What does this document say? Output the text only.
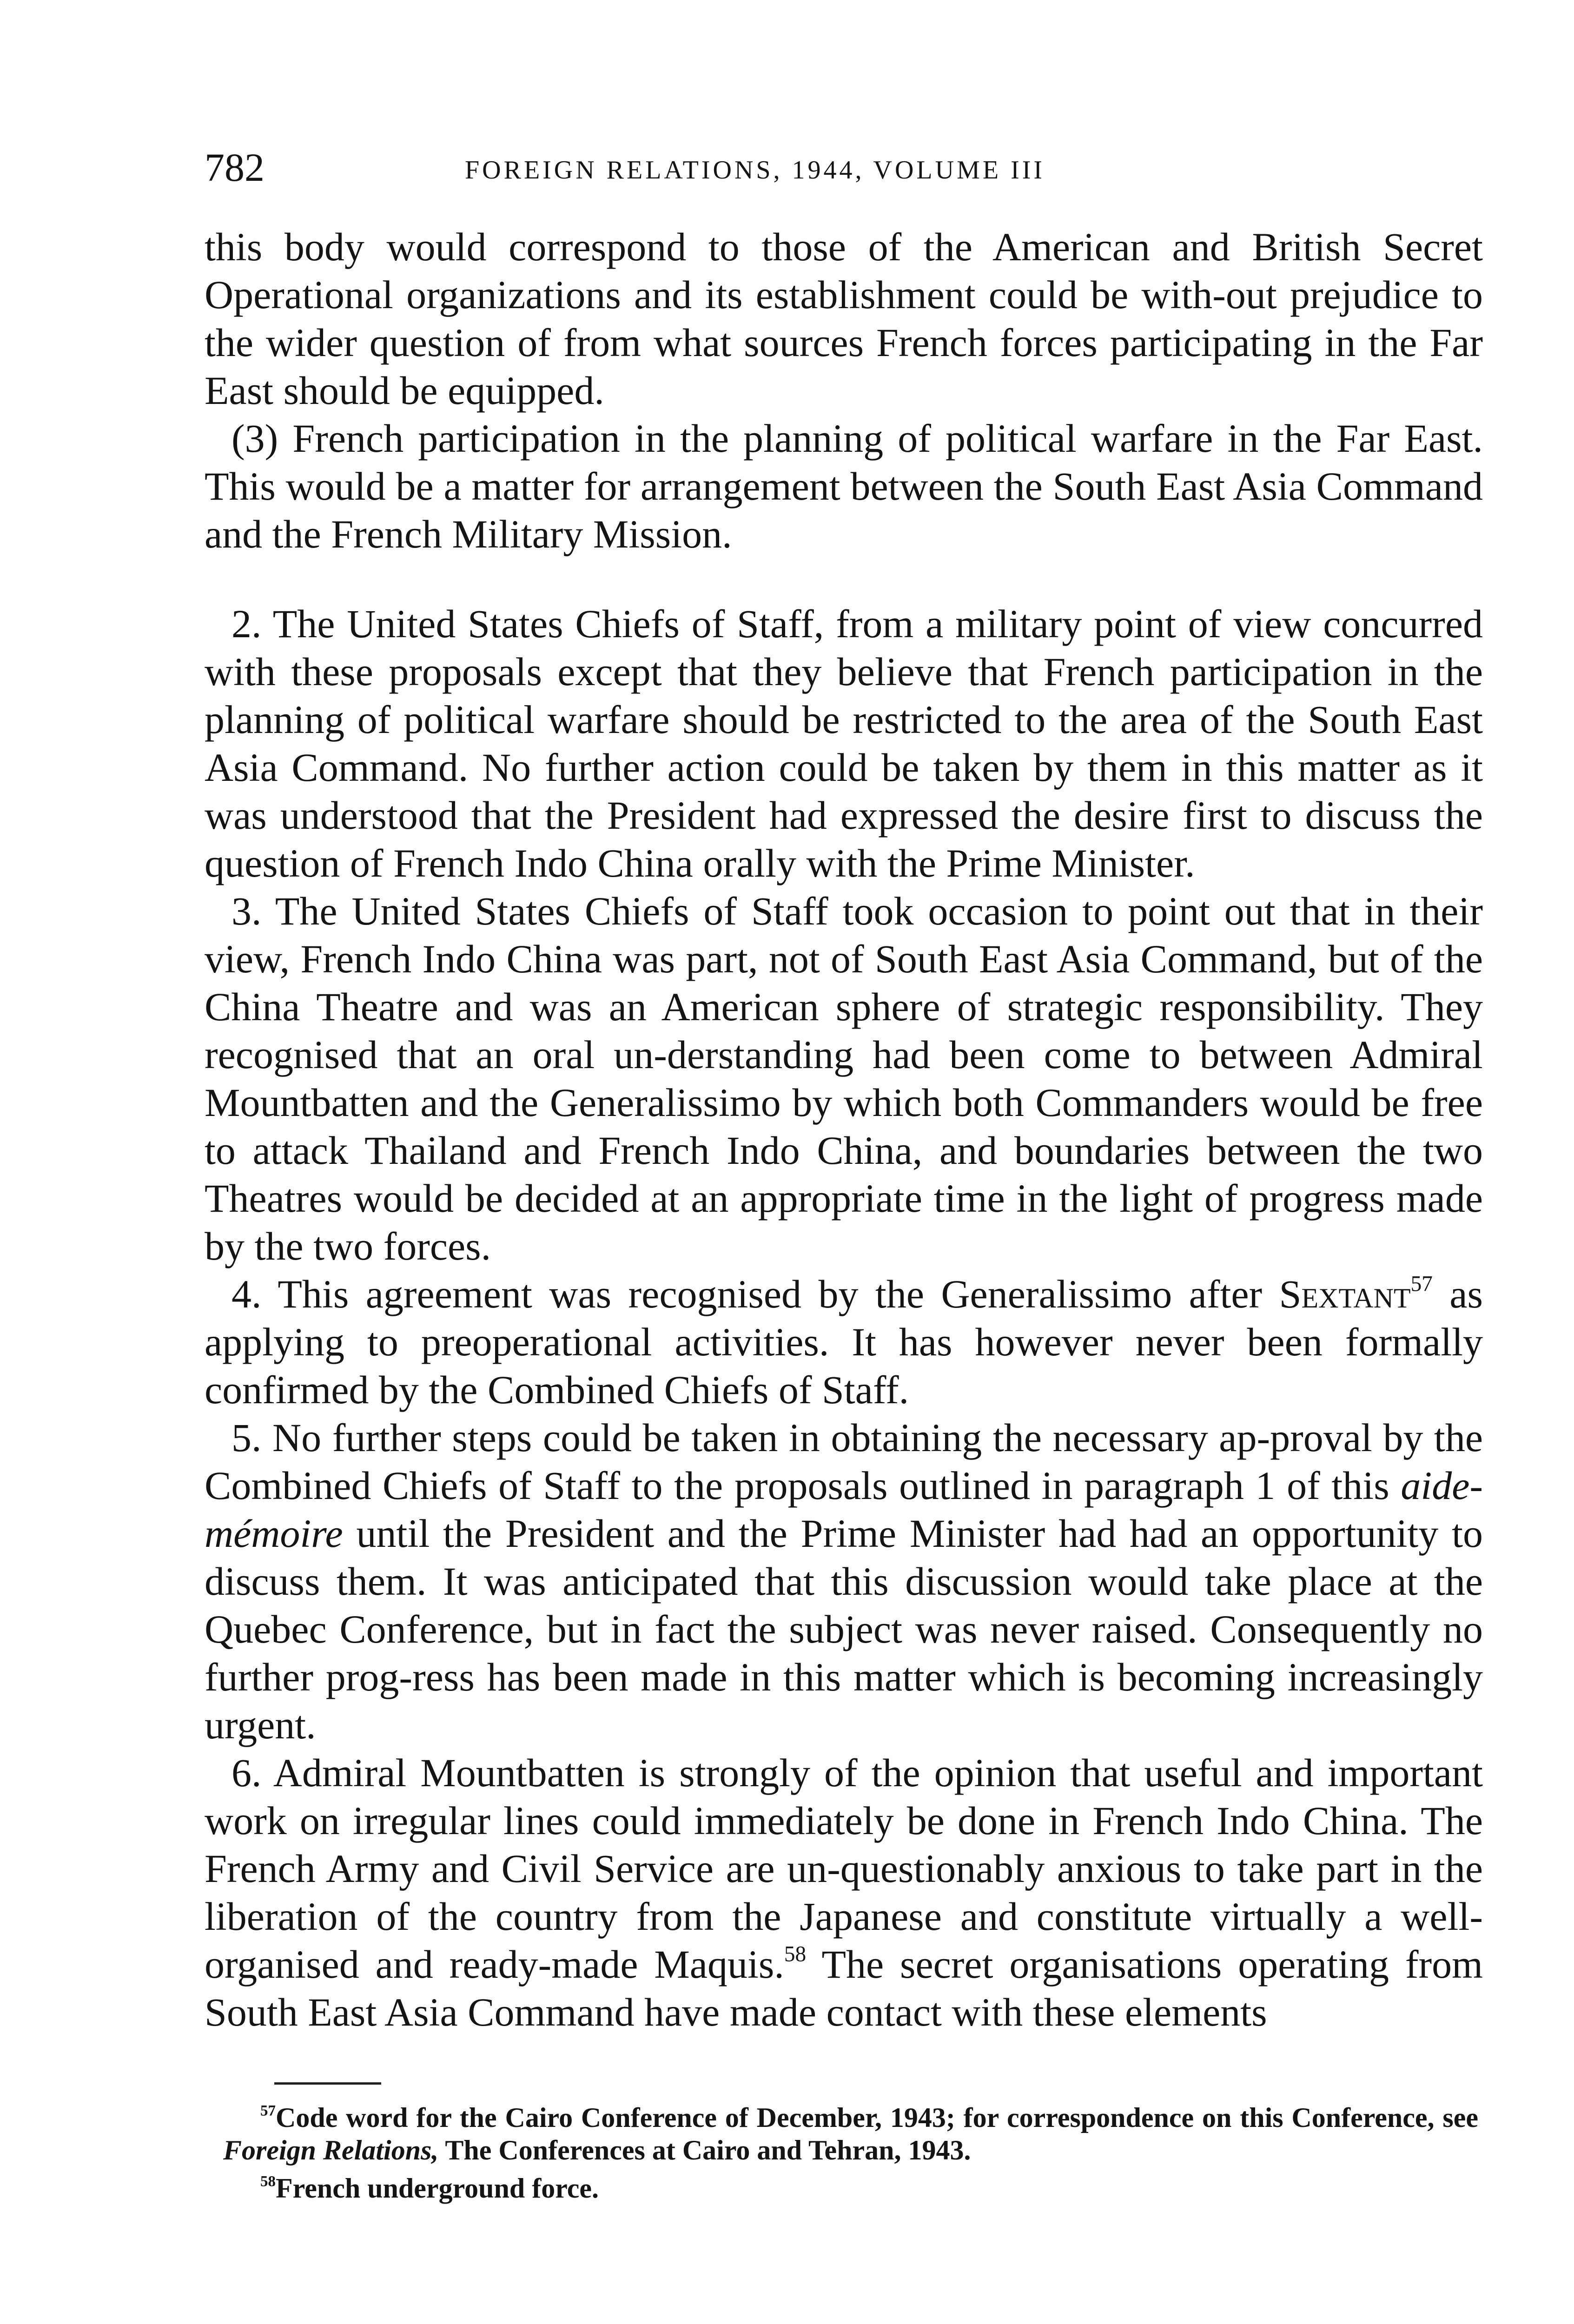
782	FOREIGN RELATIONS, 1944, VOLUME III

this body would correspond to those of the American and British Secret Operational organizations and its establishment could be with-out prejudice to the wider question of from what sources French forces participating in the Far East should be equipped.

(3) French participation in the planning of political warfare in the Far East. This would be a matter for arrangement between the South East Asia Command and the French Military Mission.

2. The United States Chiefs of Staff, from a military point of view concurred with these proposals except that they believe that French participation in the planning of political warfare should be restricted to the area of the South East Asia Command. No further action could be taken by them in this matter as it was understood that the President had expressed the desire first to discuss the question of French Indo China orally with the Prime Minister.

3. The United States Chiefs of Staff took occasion to point out that in their view, French Indo China was part, not of South East Asia Command, but of the China Theatre and was an American sphere of strategic responsibility. They recognised that an oral un-derstanding had been come to between Admiral Mountbatten and the Generalissimo by which both Commanders would be free to attack Thailand and French Indo China, and boundaries between the two Theatres would be decided at an appropriate time in the light of progress made by the two forces.

4. This agreement was recognised by the Generalissimo after Sextant$^{57}$ as applying to preoperational activities. It has however never been formally confirmed by the Combined Chiefs of Staff.

5. No further steps could be taken in obtaining the necessary ap-proval by the Combined Chiefs of Staff to the proposals outlined in paragraph 1 of this aide-mémoire until the President and the Prime Minister had had an opportunity to discuss them. It was anticipated that this discussion would take place at the Quebec Conference, but in fact the subject was never raised. Consequently no further prog-ress has been made in this matter which is becoming increasingly urgent.

6. Admiral Mountbatten is strongly of the opinion that useful and important work on irregular lines could immediately be done in French Indo China. The French Army and Civil Service are un-questionably anxious to take part in the liberation of the country from the Japanese and constitute virtually a well-organised and ready-made Maquis.$^{58}$ The secret organisations operating from South East Asia Command have made contact with these elements

$^{57}$Code word for the Cairo Conference of December, 1943; for correspondence on this Conference, see Foreign Relations, The Conferences at Cairo and Tehran, 1943.

$^{58}$French underground force.
